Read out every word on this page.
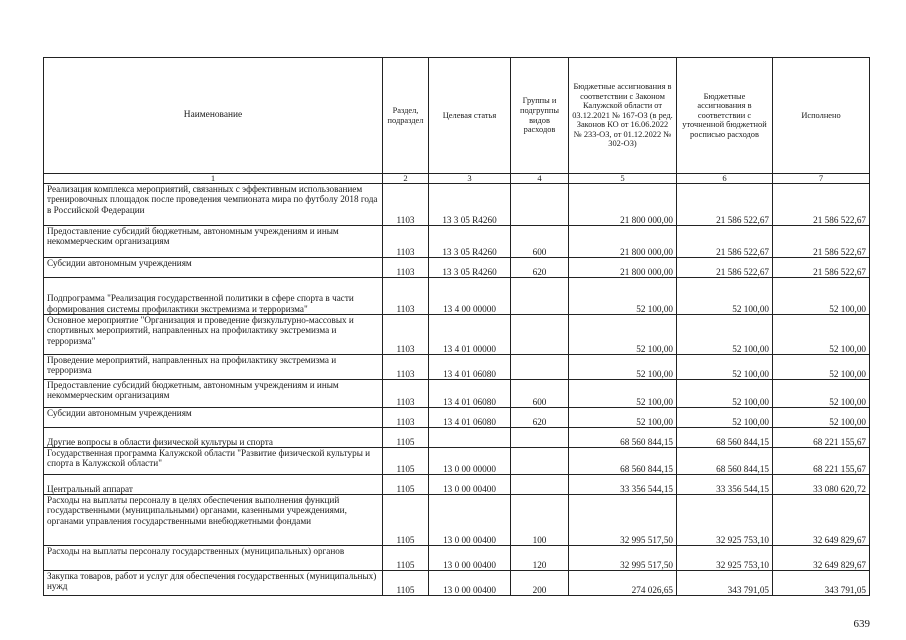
Наименование	Раздел, подраздел	Целевая статья	Группы и подгруппы видов расходов	Бюджетные ассигнования в соответствии с Законом Калужской области от 03.12.2021 № 167-ОЗ (в ред. Законов КО от 16.06.2022 № 233-ОЗ, от 01.12.2022 № 302-ОЗ)	Бюджетные ассигнования в соответствии с уточненной бюджетной росписью расходов	Исполнено
1	2	3	4	5	6	7
Реализация комплекса мероприятий, связанных с эффективным использованием тренировочных площадок после проведения чемпионата мира по футболу 2018 года в Российской Федерации	1103	13 3 05 R4260		21 800 000,00	21 586 522,67	21 586 522,67
Предоставление субсидий бюджетным, автономным учреждениям и иным некоммерческим организациям	1103	13 3 05 R4260	600	21 800 000,00	21 586 522,67	21 586 522,67
Субсидии автономным учреждениям	1103	13 3 05 R4260	620	21 800 000,00	21 586 522,67	21 586 522,67
Подпрограмма "Реализация государственной политики в сфере спорта в части формирования системы профилактики экстремизма и терроризма"	1103	13 4 00 00000		52 100,00	52 100,00	52 100,00
Основное мероприятие "Организация и проведение физкультурно-массовых и спортивных мероприятий, направленных на профилактику экстремизма и терроризма"	1103	13 4 01 00000		52 100,00	52 100,00	52 100,00
Проведение мероприятий, направленных на профилактику экстремизма и терроризма	1103	13 4 01 06080		52 100,00	52 100,00	52 100,00
Предоставление субсидий бюджетным, автономным учреждениям и иным некоммерческим организациям	1103	13 4 01 06080	600	52 100,00	52 100,00	52 100,00
Субсидии автономным учреждениям	1103	13 4 01 06080	620	52 100,00	52 100,00	52 100,00
Другие вопросы в области физической культуры и спорта	1105			68 560 844,15	68 560 844,15	68 221 155,67
Государственная программа Калужской области "Развитие физической культуры и спорта в Калужской области"	1105	13 0 00 00000		68 560 844,15	68 560 844,15	68 221 155,67
Центральный аппарат	1105	13 0 00 00400		33 356 544,15	33 356 544,15	33 080 620,72
Расходы на выплаты персоналу в целях обеспечения выполнения функций государственными (муниципальными) органами, казенными учреждениями, органами управления государственными внебюджетными фондами	1105	13 0 00 00400	100	32 995 517,50	32 925 753,10	32 649 829,67
Расходы на выплаты персоналу государственных (муниципальных) органов	1105	13 0 00 00400	120	32 995 517,50	32 925 753,10	32 649 829,67
Закупка товаров, работ и услуг для обеспечения государственных (муниципальных) нужд	1105	13 0 00 00400	200	274 026,65	343 791,05	343 791,05
639
